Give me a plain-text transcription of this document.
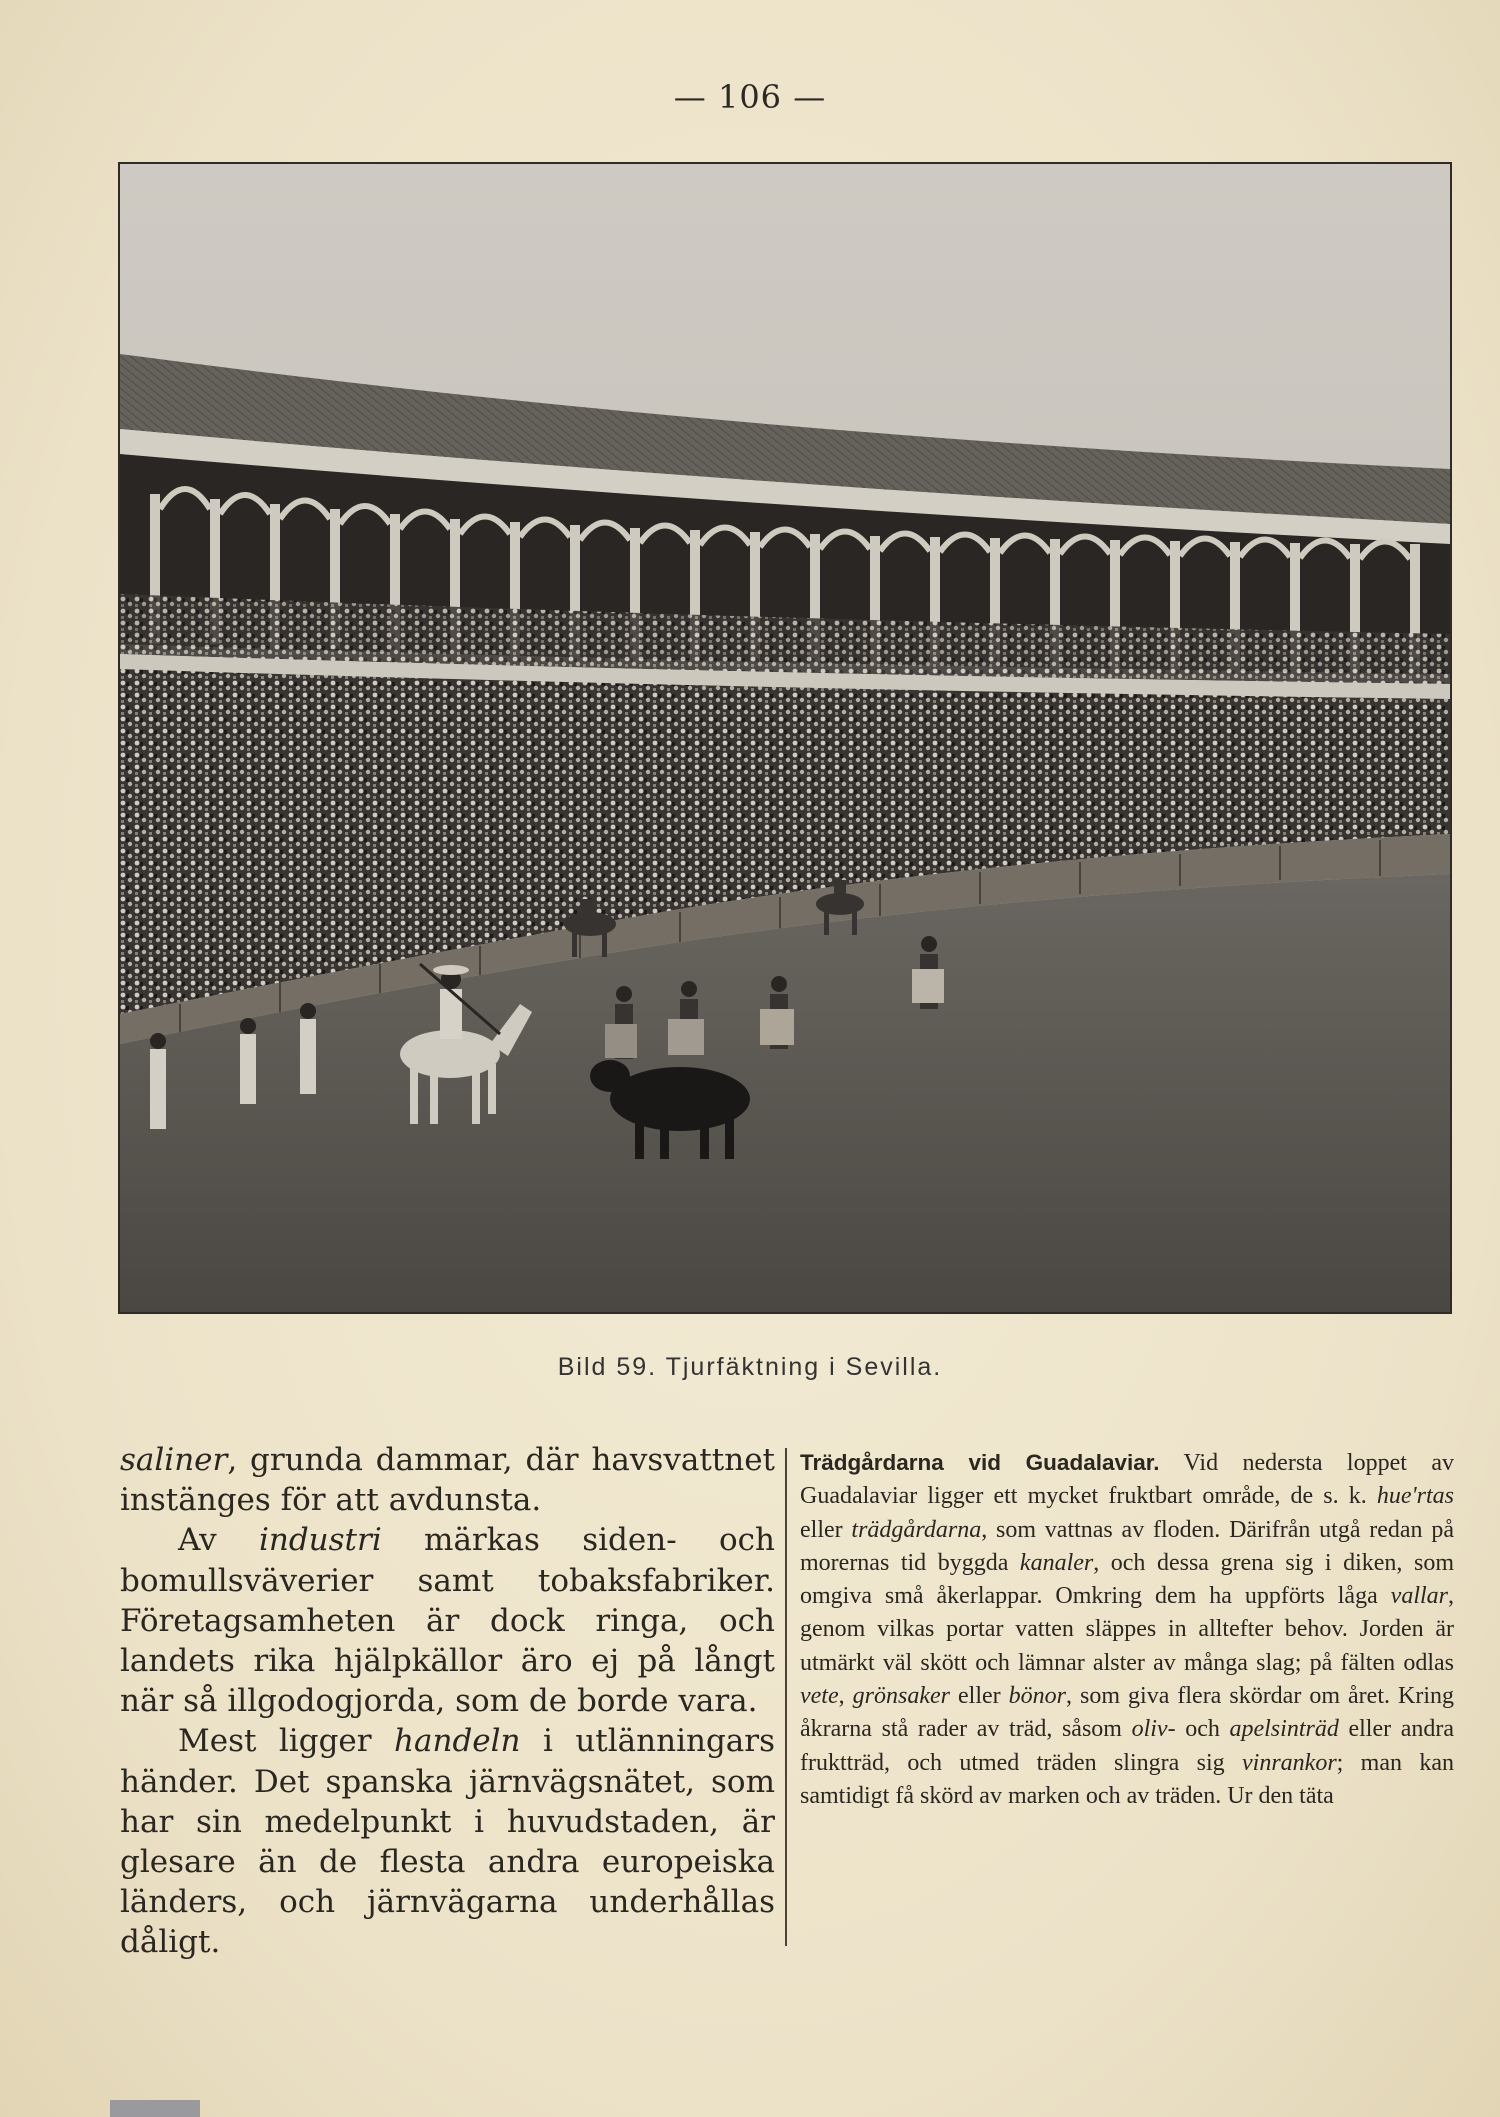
— 106 —
Bild 59. Tjurfäktning i Sevilla.

saliner, grunda dammar, där havsvattnet instänges för att avdunsta.

Av industri märkas siden- och bomullsväverier samt tobaksfabriker. Företagsamheten är dock ringa, och landets rika hjälpkällor äro ej på långt när så illgodogjorda, som de borde vara.

Mest ligger handeln i utlänningars händer. Det spanska järnvägsnätet, som har sin medelpunkt i huvudstaden, är glesare än de flesta andra europeiska länders, och järnvägarna underhållas dåligt.

Trädgårdarna vid Guadalaviar. Vid nedersta loppet av Guadalaviar ligger ett mycket fruktbart område, de s. k. hue'rtas eller trädgårdarna, som vattnas av floden. Därifrån utgå redan på morernas tid byggda kanaler, och dessa grena sig i diken, som omgiva små åkerlappar. Omkring dem ha uppförts låga vallar, genom vilkas portar vatten släppes in alltefter behov. Jorden är utmärkt väl skött och lämnar alster av många slag; på fälten odlas vete, grönsaker eller bönor, som giva flera skördar om året. Kring åkrarna stå rader av träd, såsom oliv- och apelsinträd eller andra fruktträd, och utmed träden slingra sig vinrankor; man kan samtidigt få skörd av marken och av träden. Ur den täta
